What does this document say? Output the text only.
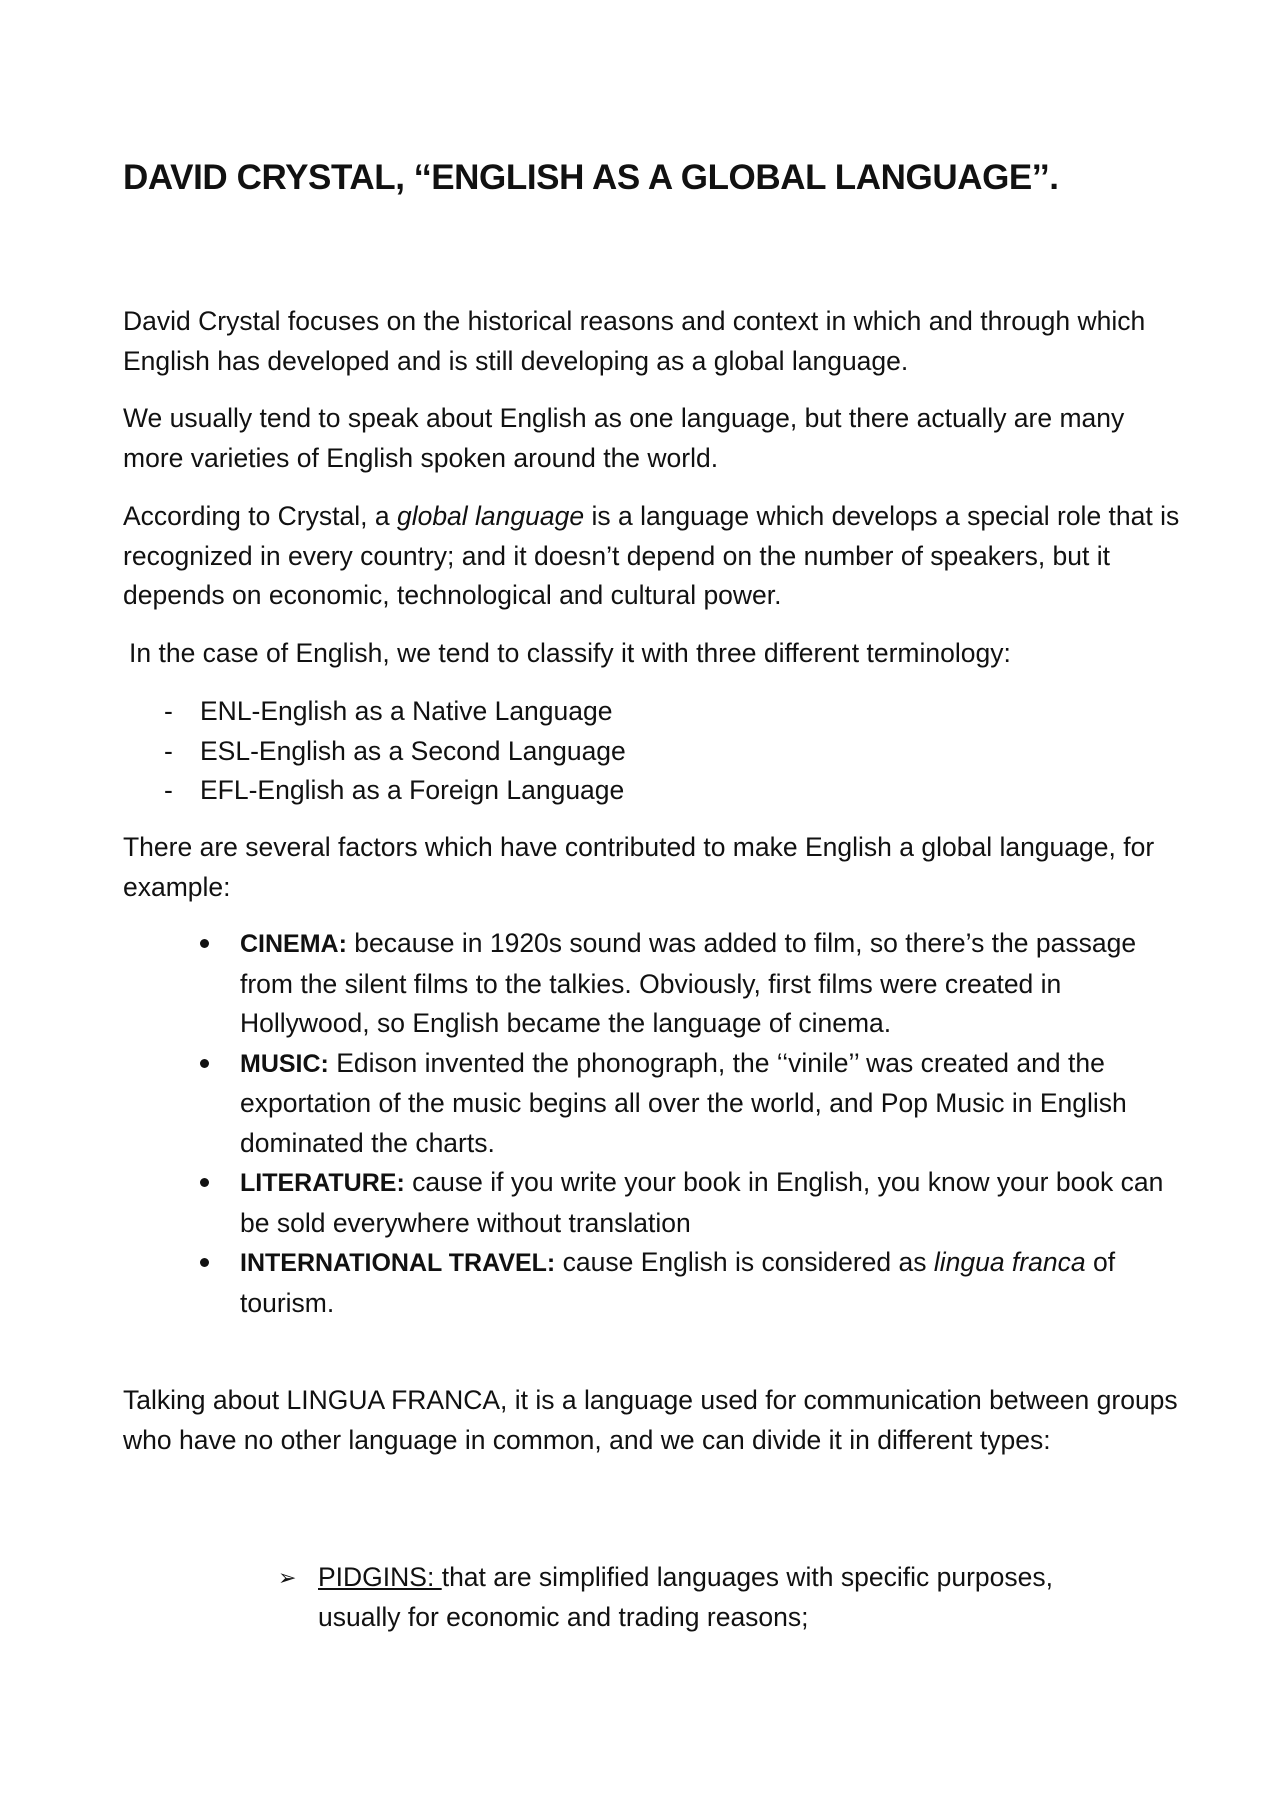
DAVID CRYSTAL, ‘‘ENGLISH AS A GLOBAL LANGUAGE’’.

David Crystal focuses on the historical reasons and context in which and through which English has developed and is still developing as a global language.

We usually tend to speak about English as one language, but there actually are many more varieties of English spoken around the world.

According to Crystal, a global language is a language which develops a special role that is recognized in every country; and it doesn’t depend on the number of speakers, but it depends on economic, technological and cultural power.

In the case of English, we tend to classify it with three different terminology:

- ENL-English as a Native Language
- ESL-English as a Second Language
- EFL-English as a Foreign Language

There are several factors which have contributed to make English a global language, for example:

CINEMA: because in 1920s sound was added to film, so there’s the passage from the silent films to the talkies. Obviously, first films were created in Hollywood, so English became the language of cinema.
MUSIC: Edison invented the phonograph, the ‘‘vinile’’ was created and the exportation of the music begins all over the world, and Pop Music in English dominated the charts.
LITERATURE: cause if you write your book in English, you know your book can be sold everywhere without translation
INTERNATIONAL TRAVEL: cause English is considered as lingua franca of tourism.

Talking about LINGUA FRANCA, it is a language used for communication between groups who have no other language in common, and we can divide it in different types:

➢ PIDGINS: that are simplified languages with specific purposes, usually for economic and trading reasons;
